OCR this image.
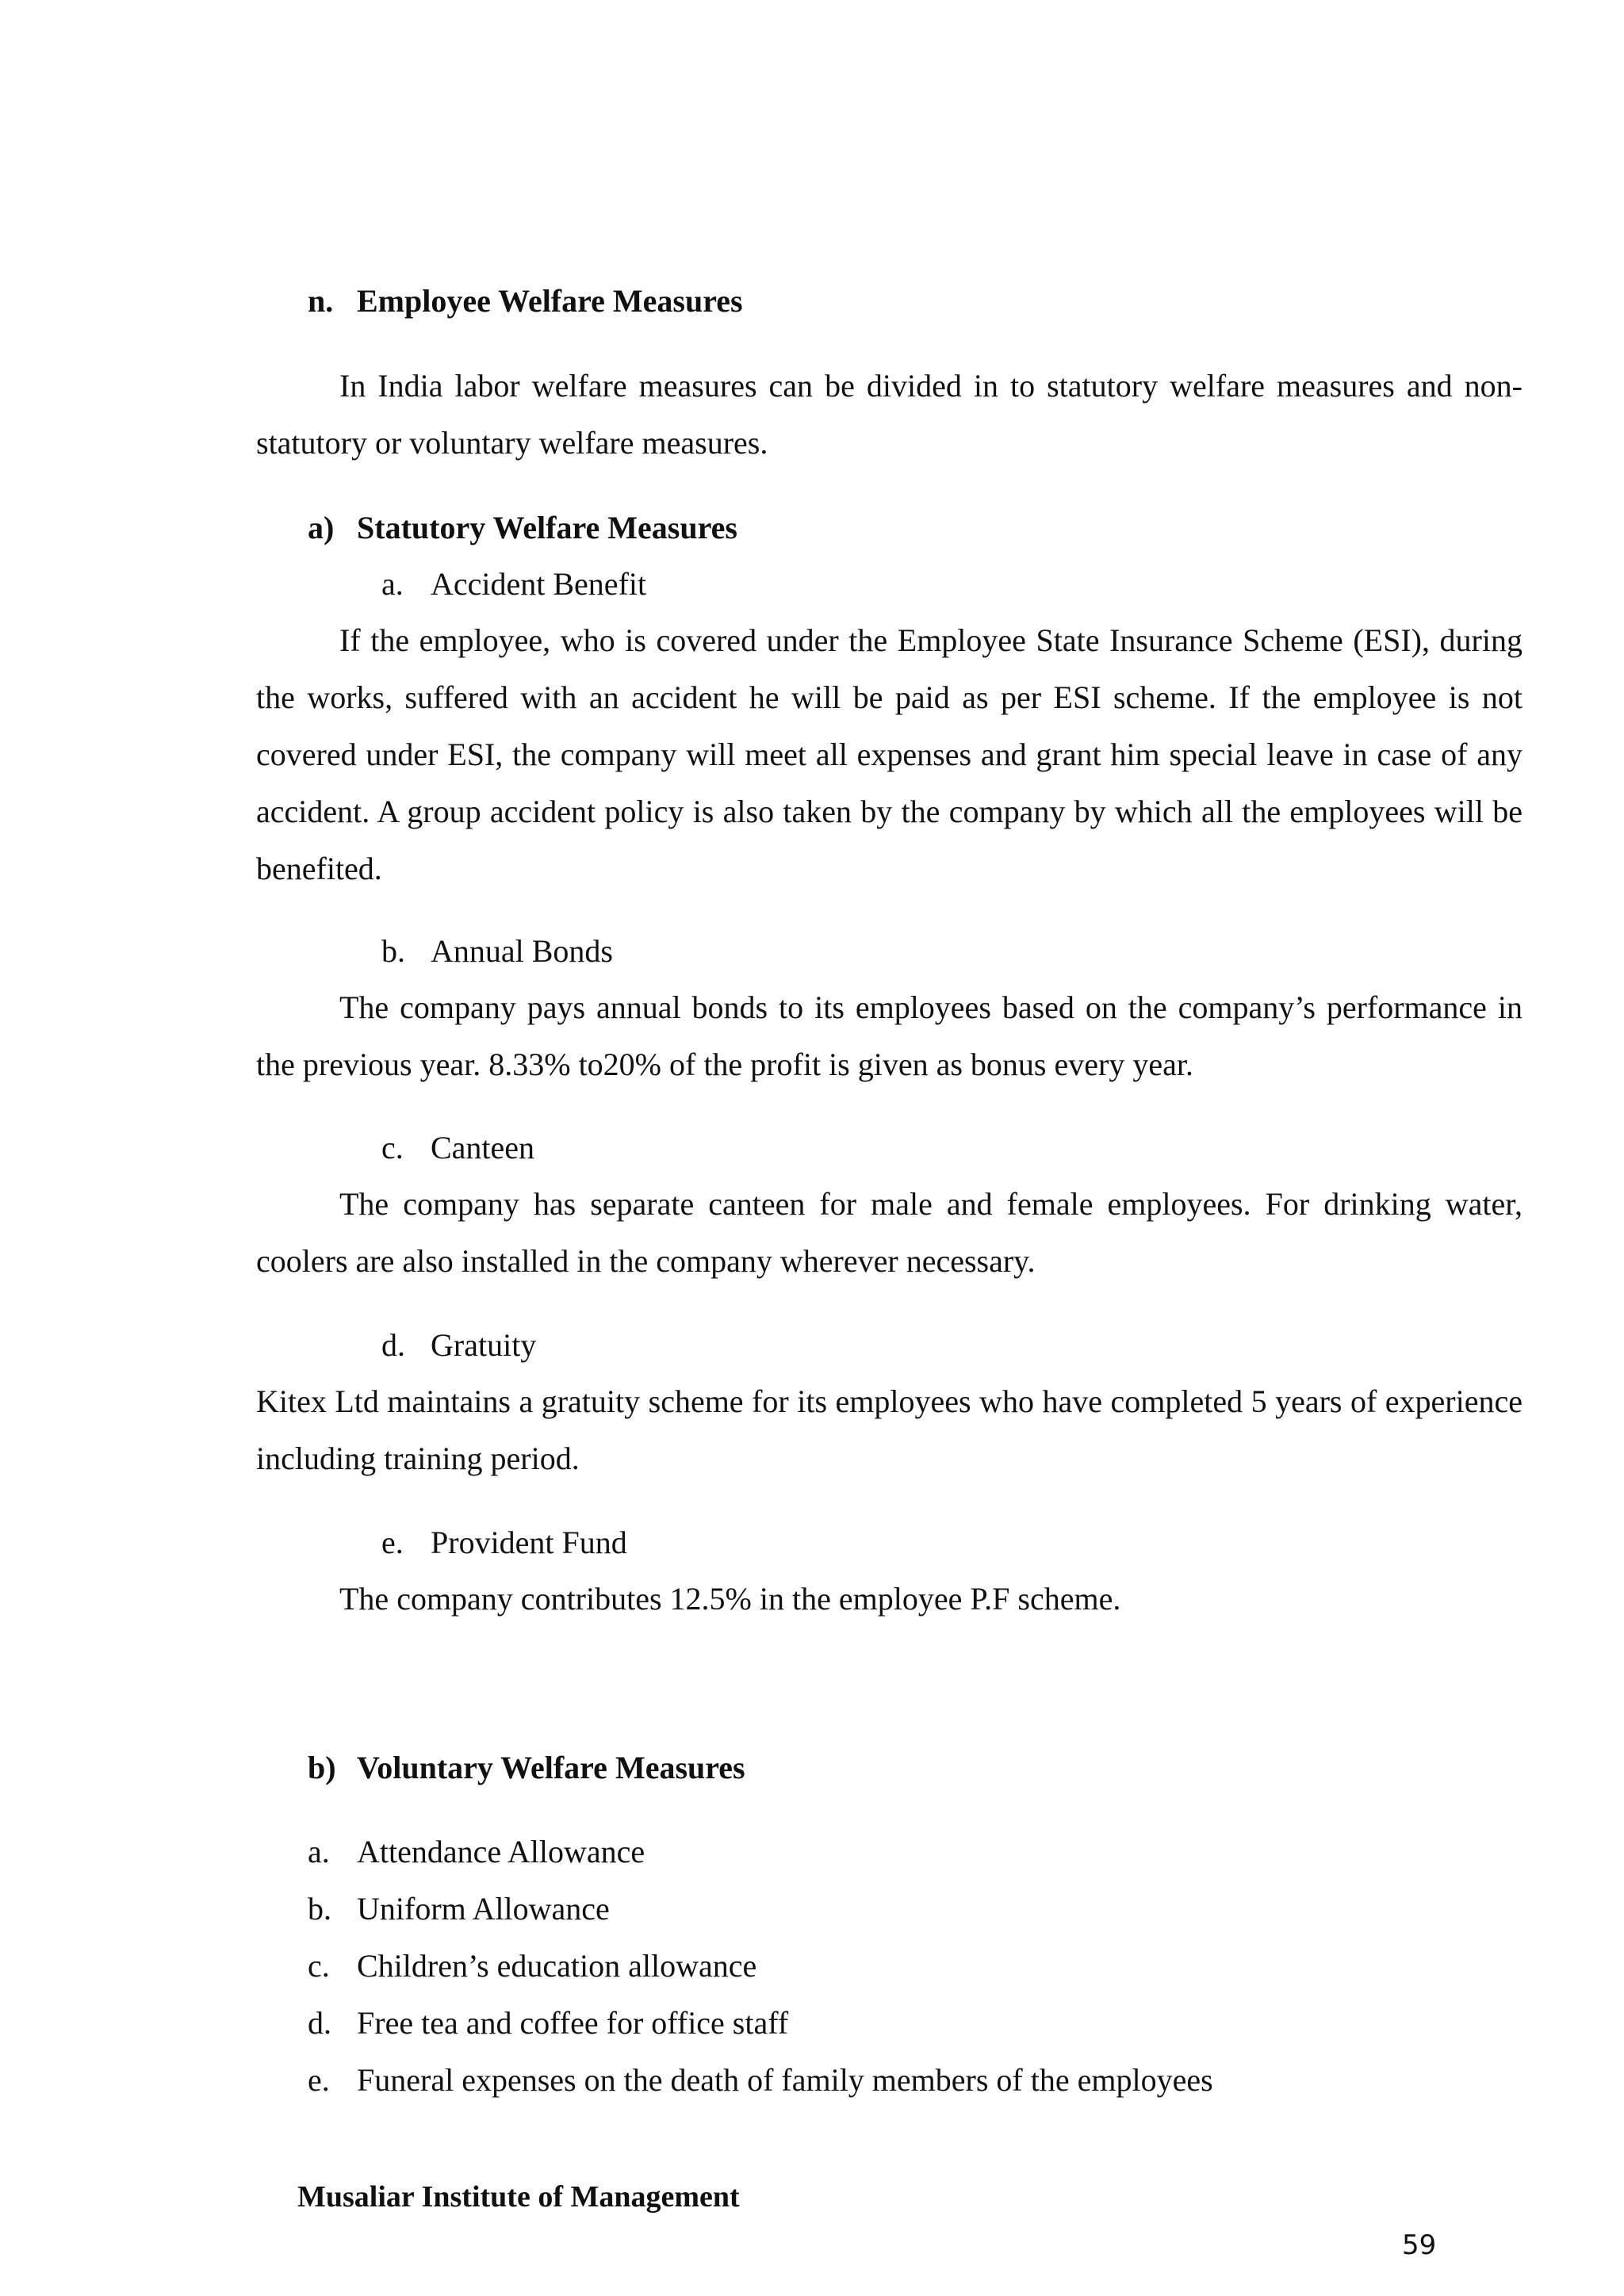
n. Employee Welfare Measures
In India labor welfare measures can be divided in to statutory welfare measures and non-statutory or voluntary welfare measures.
a) Statutory Welfare Measures
a. Accident Benefit
If the employee, who is covered under the Employee State Insurance Scheme (ESI), during the works, suffered with an accident he will be paid as per ESI scheme. If the employee is not covered under ESI, the company will meet all expenses and grant him special leave in case of any accident. A group accident policy is also taken by the company by which all the employees will be benefited.
b. Annual Bonds
The company pays annual bonds to its employees based on the company’s performance in the previous year. 8.33% to20% of the profit is given as bonus every year.
c. Canteen
The company has separate canteen for male and female employees. For drinking water, coolers are also installed in the company wherever necessary.
d. Gratuity
Kitex Ltd maintains a gratuity scheme for its employees who have completed 5 years of experience including training period.
e. Provident Fund
The company contributes 12.5% in the employee P.F scheme.
b) Voluntary Welfare Measures
a. Attendance Allowance
b. Uniform Allowance
c. Children’s education allowance
d. Free tea and coffee for office staff
e. Funeral expenses on the death of family members of the employees
Musaliar Institute of Management
59
